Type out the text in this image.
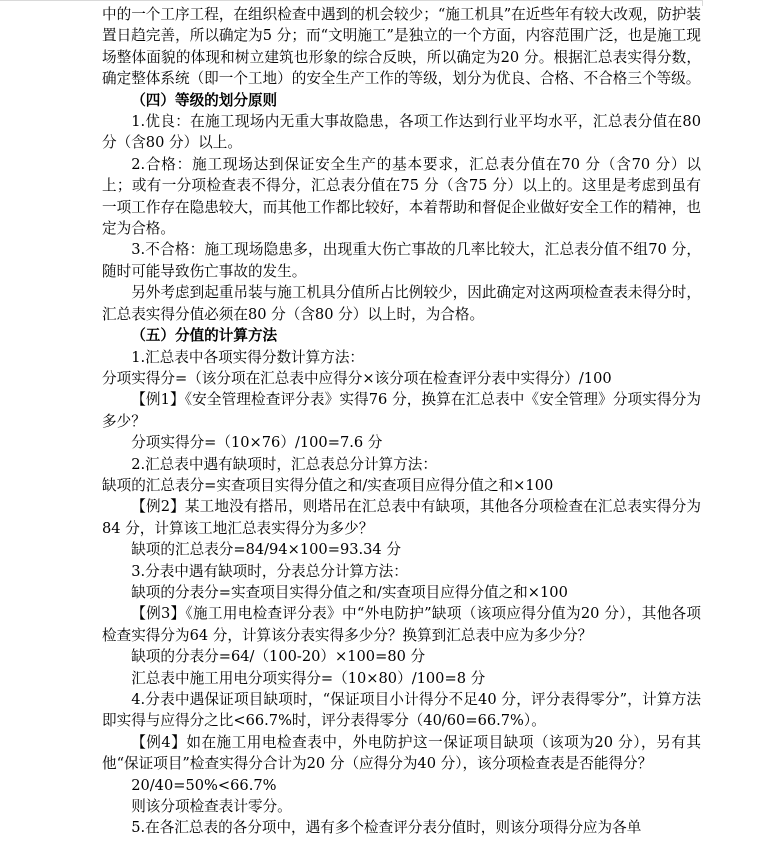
中的一个工序工程，在组织检查中遇到的机会较少；“施工机具”在近些年有较大改观，防护装置日趋完善，所以确定为5 分；而“文明施工”是独立的一个方面，内容范围广泛，也是施工现场整体面貌的体现和树立建筑也形象的综合反映，所以确定为20 分。根据汇总表实得分数，确定整体系统（即一个工地）的安全生产工作的等级，划分为优良、合格、不合格三个等级。

（四）等级的划分原则

1.优良：在施工现场内无重大事故隐患，各项工作达到行业平均水平，汇总表分值在80 分（含80 分）以上。

2.合格：施工现场达到保证安全生产的基本要求，汇总表分值在70 分（含70 分）以上；或有一分项检查表不得分，汇总表分值在75 分（含75 分）以上的。这里是考虑到虽有一项工作存在隐患较大，而其他工作都比较好，本着帮助和督促企业做好安全工作的精神，也定为合格。

3.不合格：施工现场隐患多，出现重大伤亡事故的几率比较大，汇总表分值不组70 分，随时可能导致伤亡事故的发生。

另外考虑到起重吊装与施工机具分值所占比例较少，因此确定对这两项检查表未得分时，汇总表实得分值必须在80 分（含80 分）以上时，为合格。

（五）分值的计算方法

1.汇总表中各项实得分数计算方法：

分项实得分=（该分项在汇总表中应得分×该分项在检查评分表中实得分）/100

【例1】《安全管理检查评分表》实得76 分，换算在汇总表中《安全管理》分项实得分为多少？

分项实得分=（10×76）/100=7.6 分

2.汇总表中遇有缺项时，汇总表总分计算方法：

缺项的汇总表分=实查项目实得分值之和/实查项目应得分值之和×100

【例2】某工地没有搭吊，则塔吊在汇总表中有缺项，其他各分项检查在汇总表实得分为84 分，计算该工地汇总表实得分为多少？

缺项的汇总表分=84/94×100=93.34 分

3.分表中遇有缺项时，分表总分计算方法：

缺项的分表分=实查项目实得分值之和/实查项目应得分值之和×100

【例3】《施工用电检查评分表》中“外电防护”缺项（该项应得分值为20 分），其他各项检查实得分为64 分，计算该分表实得多少分？换算到汇总表中应为多少分？

缺项的分表分=64/（100-20）×100=80 分

汇总表中施工用电分项实得分=（10×80）/100=8 分

4.分表中遇保证项目缺项时，“保证项目小计得分不足40 分，评分表得零分”，计算方法即实得与应得分之比<66.7%时，评分表得零分（40/60=66.7%）。

【例4】如在施工用电检查表中，外电防护这一保证项目缺项（该项为20 分），另有其他“保证项目”检查实得分合计为20 分（应得分为40 分），该分项检查表是否能得分？

20/40=50%<66.7%

则该分项检查表计零分。

5.在各汇总表的各分项中，遇有多个检查评分表分值时，则该分项得分应为各单
